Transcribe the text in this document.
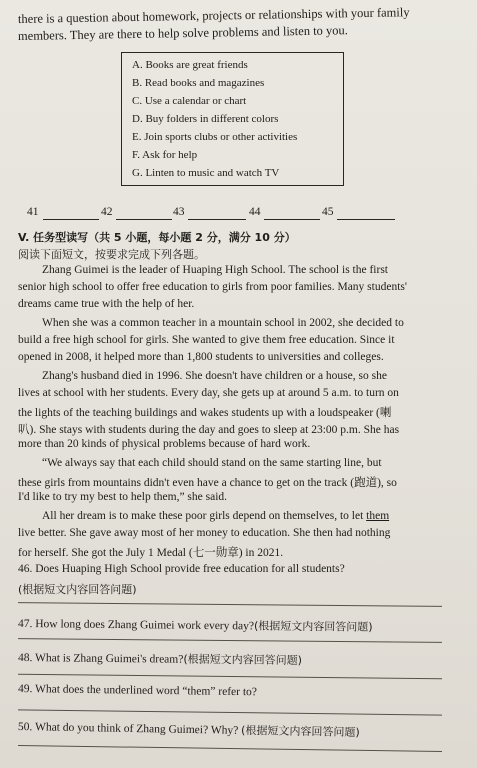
there is a question about homework, projects or relationships with your family
members. They are there to help solve problems and listen to you.
A. Books are great friends
B. Read books and magazines
C. Use a calendar or chart
D. Buy folders in different colors
E. Join sports clubs or other activities
F. Ask for help
G. Linten to music and watch TV
41	42	43	44	45
V. 任务型读写（共 5 小题，每小题 2 分，满分 10 分）
阅读下面短文，按要求完成下列各题。
Zhang Guimei is the leader of Huaping High School. The school is the first
senior high school to offer free education to girls from poor families. Many students'
dreams came true with the help of her.
When she was a common teacher in a mountain school in 2002, she decided to
build a free high school for girls. She wanted to give them free education. Since it
opened in 2008, it helped more than 1,800 students to universities and colleges.
Zhang's husband died in 1996. She doesn't have children or a house, so she
lives at school with her students. Every day, she gets up at around 5 a.m. to turn on
the lights of the teaching buildings and wakes students up with a loudspeaker (喇
叭). She stays with students during the day and goes to sleep at 23:00 p.m. She has
more than 20 kinds of physical problems because of hard work.
“We always say that each child should stand on the same starting line, but
these girls from mountains didn't even have a chance to get on the track (跑道), so
I'd like to try my best to help them,” she said.
All her dream is to make these poor girls depend on themselves, to let them
live better. She gave away most of her money to education. She then had nothing
for herself. She got the July 1 Medal (七一勋章) in 2021.
46. Does Huaping High School provide free education for all students?
(根据短文内容回答问题)
47. How long does Zhang Guimei work every day?(根据短文内容回答问题)
48. What is Zhang Guimei's dream?(根据短文内容回答问题)
49. What does the underlined word “them” refer to?
50. What do you think of Zhang Guimei? Why? (根据短文内容回答问题)
